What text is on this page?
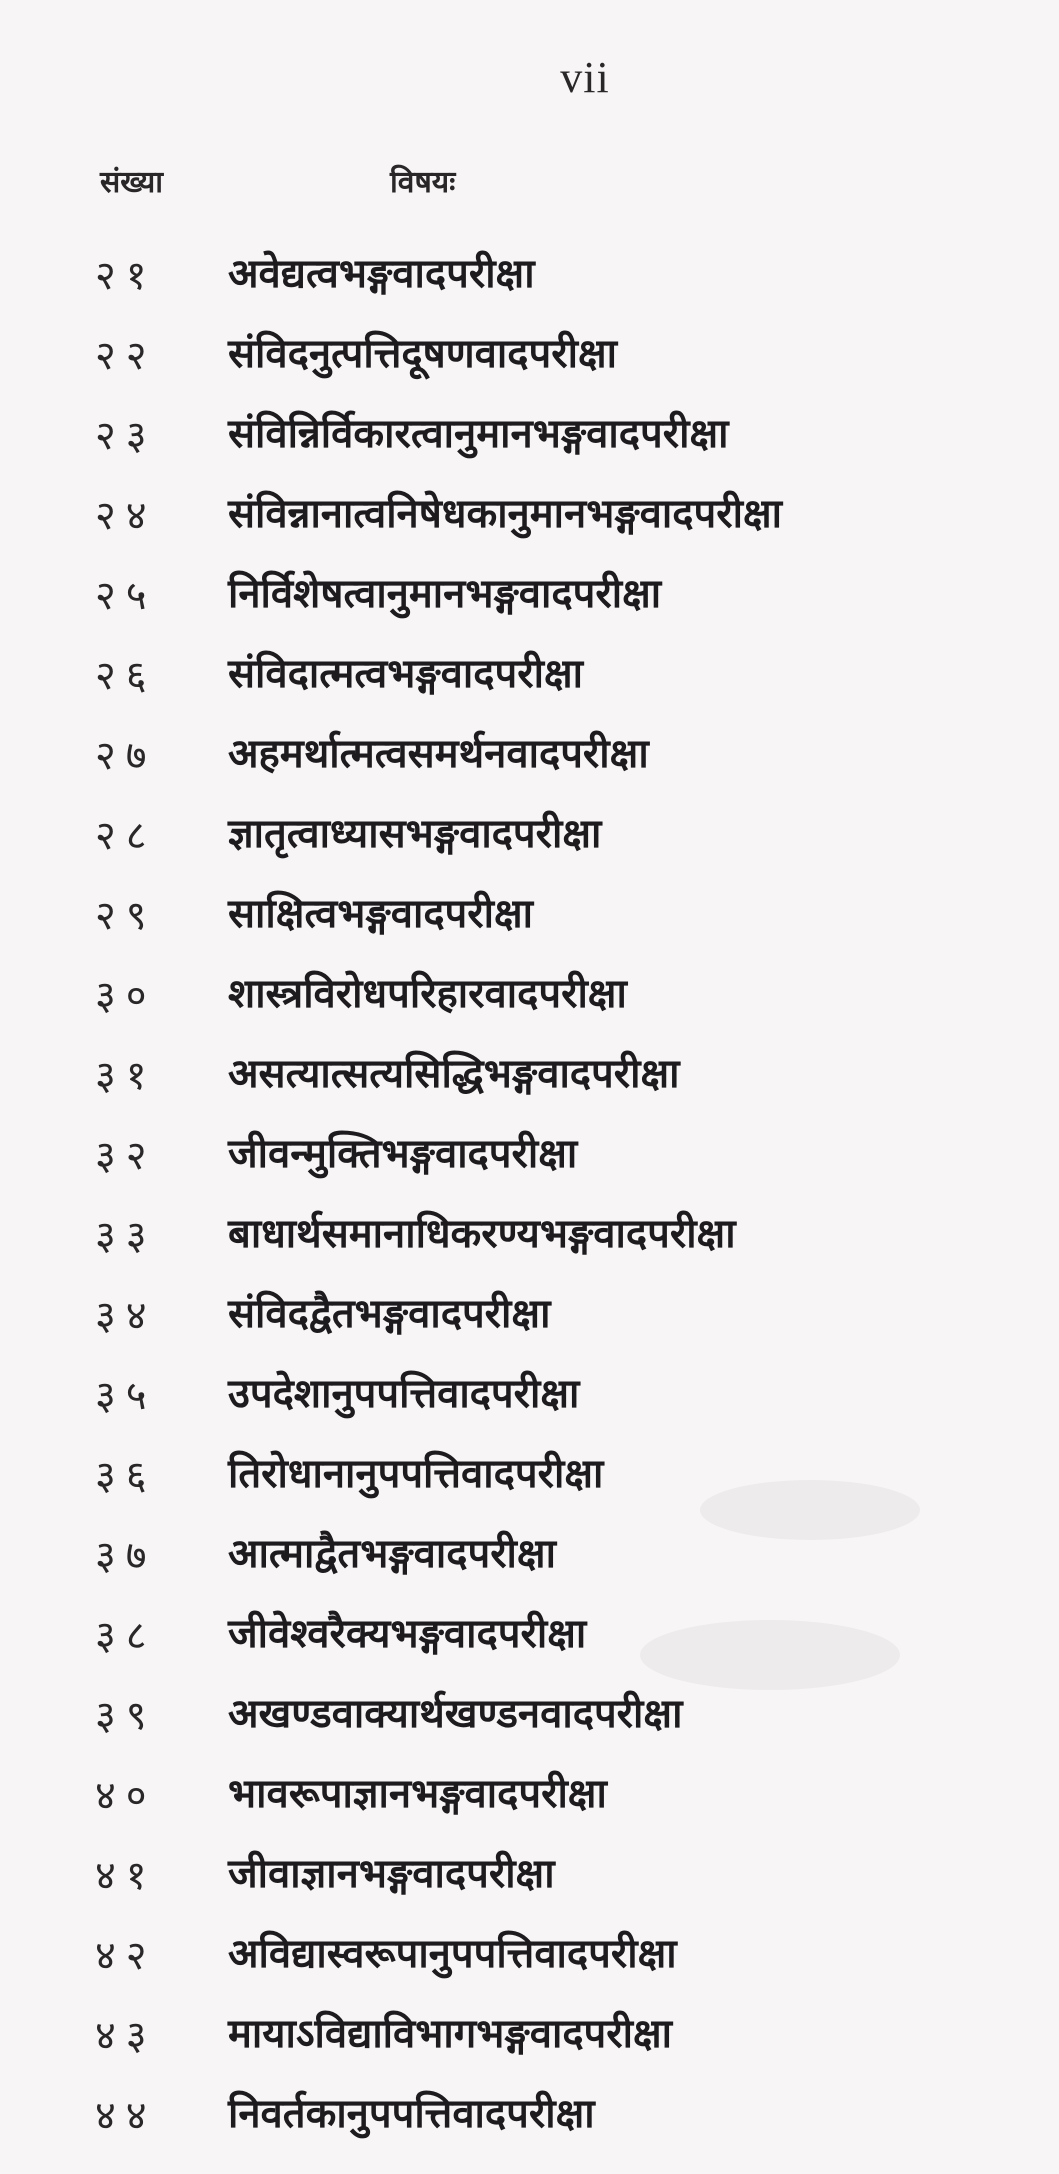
vii
संख्या	विषयः
२१ अवेद्यत्वभङ्गवादपरीक्षा
२२ संविदनुत्पत्तिदूषणवादपरीक्षा
२३ संविन्निर्विकारत्वानुमानभङ्गवादपरीक्षा
२४ संविन्नानात्वनिषेधकानुमानभङ्गवादपरीक्षा
२५ निर्विशेषत्वानुमानभङ्गवादपरीक्षा
२६ संविदात्मत्वभङ्गवादपरीक्षा
२७ अहमर्थात्मत्वसमर्थनवादपरीक्षा
२८ ज्ञातृत्वाध्यासभङ्गवादपरीक्षा
२९ साक्षित्वभङ्गवादपरीक्षा
३० शास्त्रविरोधपरिहारवादपरीक्षा
३१ असत्यात्सत्यसिद्धिभङ्गवादपरीक्षा
३२ जीवन्मुक्तिभङ्गवादपरीक्षा
३३ बाधार्थसमानाधिकरण्यभङ्गवादपरीक्षा
३४ संविदद्वैतभङ्गवादपरीक्षा
३५ उपदेशानुपपत्तिवादपरीक्षा
३६ तिरोधानानुपपत्तिवादपरीक्षा
३७ आत्माद्वैतभङ्गवादपरीक्षा
३८ जीवेश्वरैक्यभङ्गवादपरीक्षा
३९ अखण्डवाक्यार्थखण्डनवादपरीक्षा
४० भावरूपाज्ञानभङ्गवादपरीक्षा
४१ जीवाज्ञानभङ्गवादपरीक्षा
४२ अविद्यास्वरूपानुपपत्तिवादपरीक्षा
४३ मायाऽविद्याविभागभङ्गवादपरीक्षा
४४ निवर्तकानुपपत्तिवादपरीक्षा
